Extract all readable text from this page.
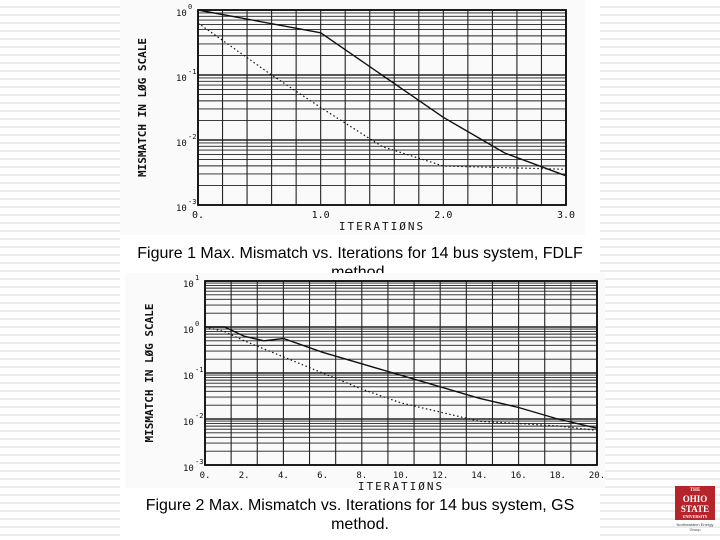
10
0
10
-1
10
-2
10
-3
0.	1.0	2.0	3.0
ITERATIØNS
MISMATCH IN LØG SCALE
Figure 1 Max. Mismatch vs. Iterations for 14 bus system, FDLF
10
1
10
0
10
-1
10
-2
10
-3
0.	2.	4.	6.	8.	10.	12.	14.	16.	18.	20.
ITERATIØNS
MISMATCH IN LØG SCALE
Figure 2 Max. Mismatch vs. Iterations for 14 bus system, GS
method.
THE
OHIO
STATE
UNIVERSITY
Northeastern Energy Group
